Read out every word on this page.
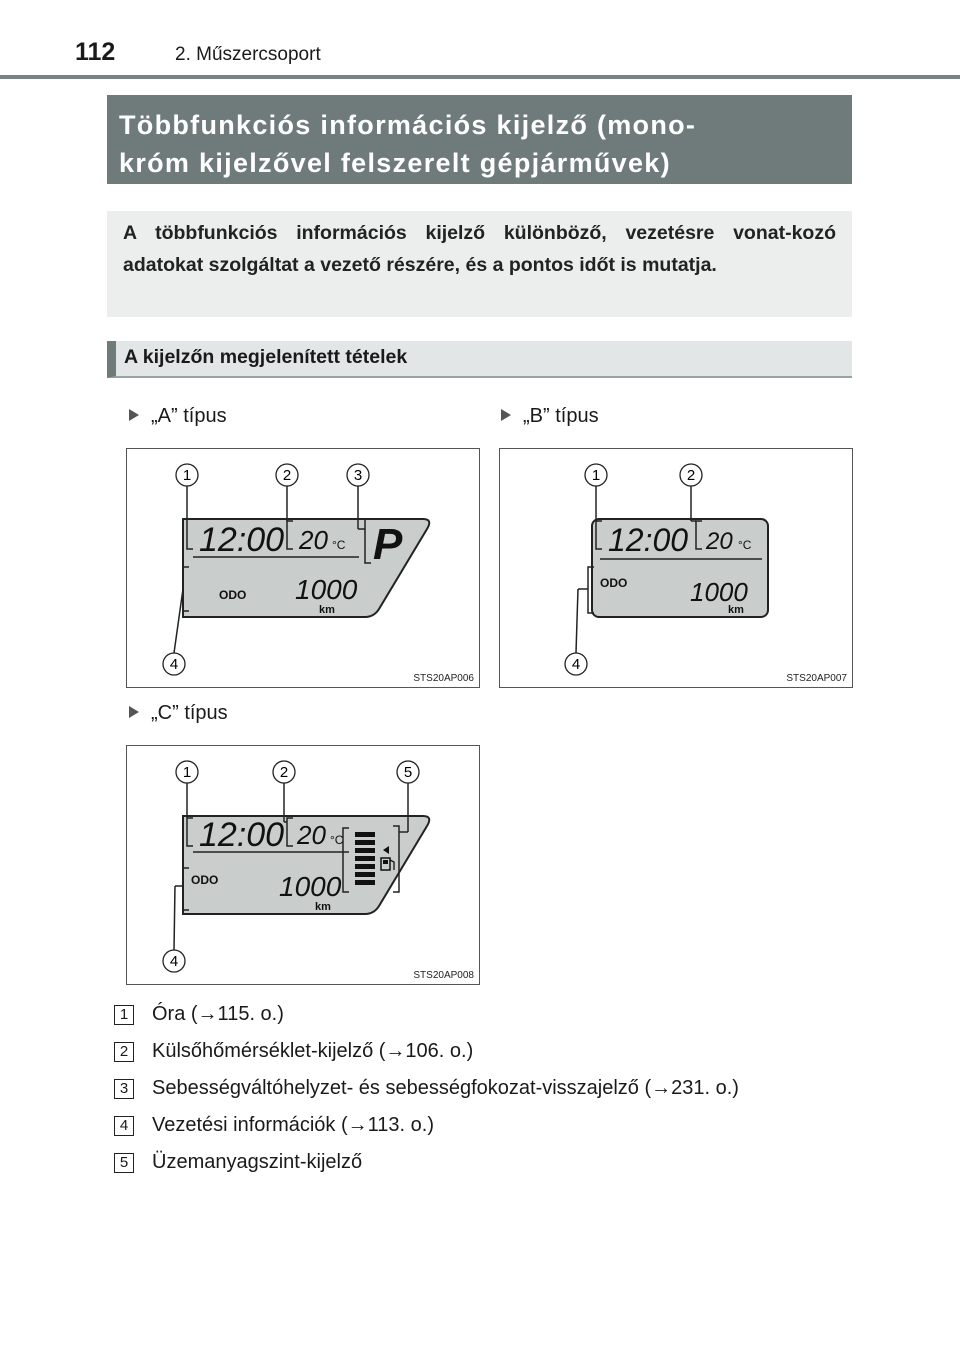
112	2. Műszercsoport
Többfunkciós információs kijelző (mono-
króm kijelzővel felszerelt gépjárművek)
A többfunkciós információs kijelző különböző, vezetésre vonat-kozó adatokat szolgáltat a vezető részére, és a pontos időt is mutatja.
A kijelzőn megjelenített tételek
„A” típus	„B” típus
„C” típus
12:00 20 °C P
ODO 1000
km
1	2	3
4
STS20AP006
12:00 20 °C
ODO 1000
km
1	2
4
STS20AP007
12:00 20 °C
ODO 1000
km
1	2	5
4
STS20AP008
1 Óra (→115. o.)
2 Külsőhőmérséklet-kijelző (→106. o.)
3 Sebességváltóhelyzet- és sebességfokozat-visszajelző (→231. o.)
4 Vezetési információk (→113. o.)
5 Üzemanyagszint-kijelző
